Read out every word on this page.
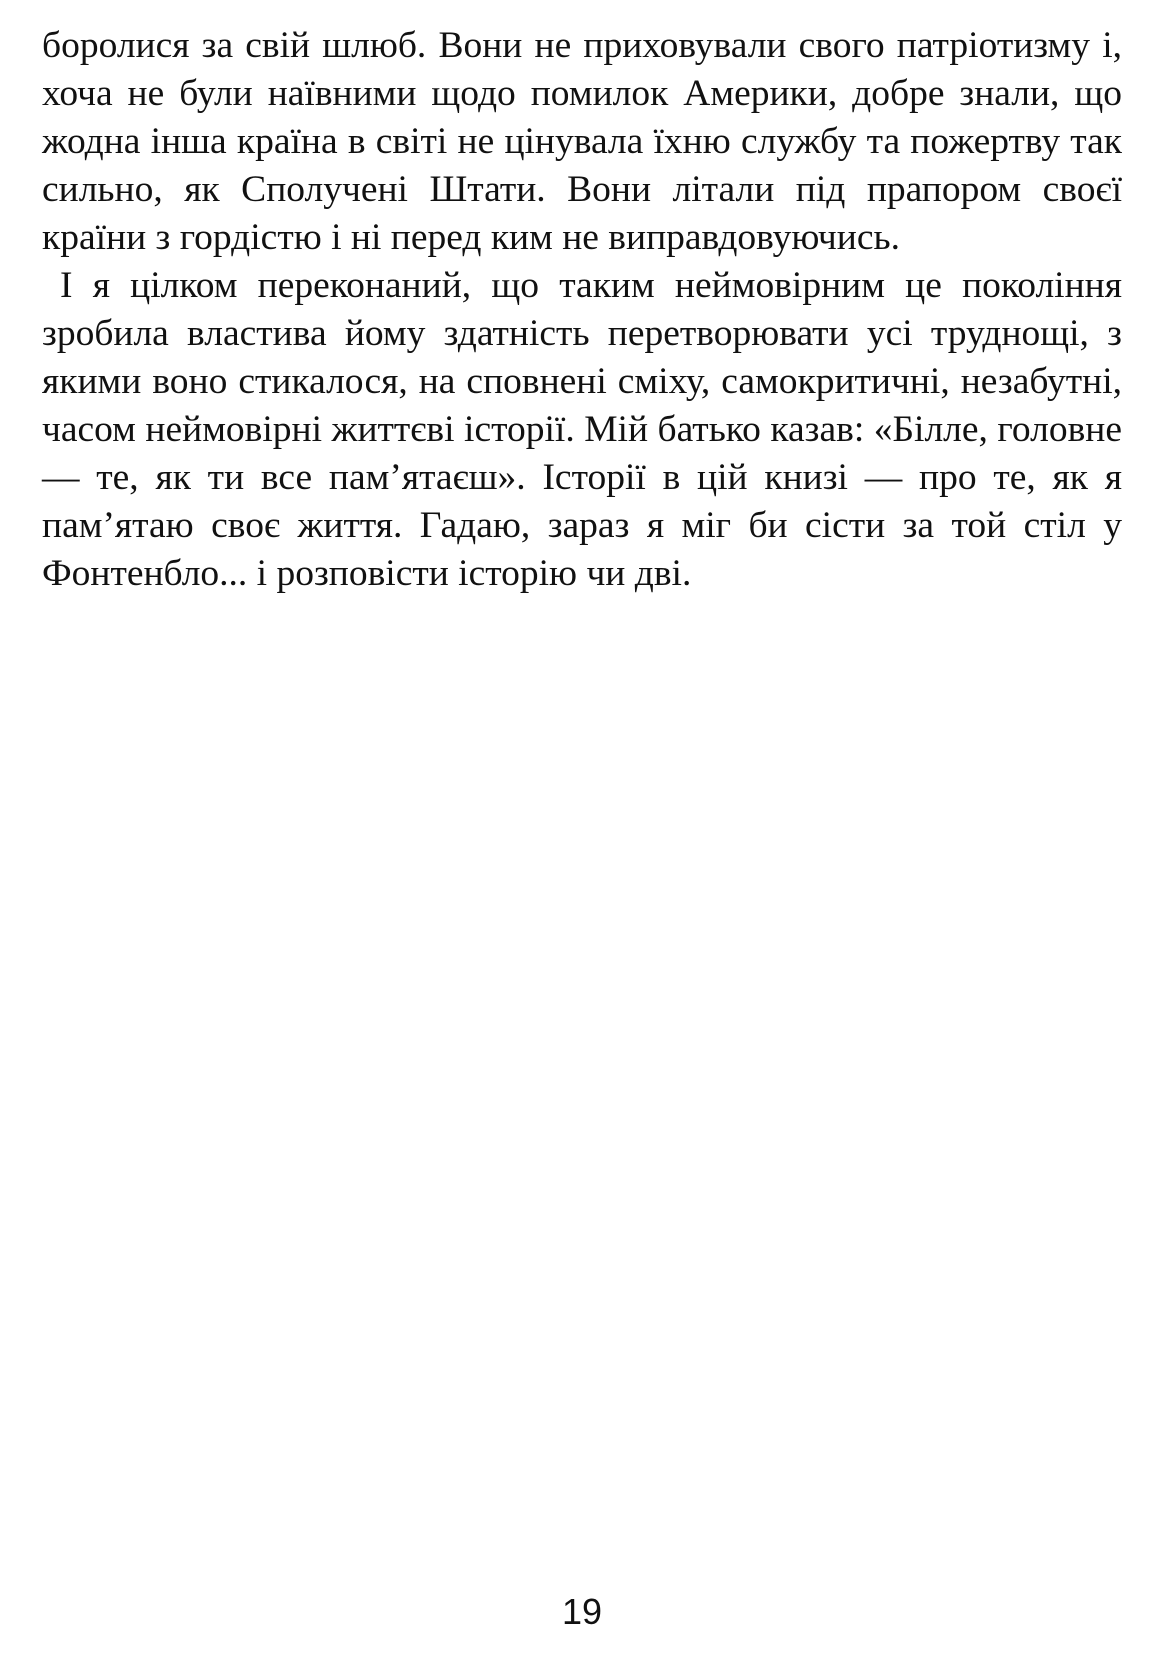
боролися за свій шлюб. Вони не приховували свого патріотизму і, хоча не були наївними щодо помилок Америки, добре знали, що жодна інша країна в світі не цінувала їхню службу та пожертву так сильно, як Сполучені Штати. Вони літали під прапором своєї країни з гордістю і ні перед ким не виправдовуючись.

І я цілком переконаний, що таким неймовірним це покоління зробила властива йому здатність перетворювати усі труднощі, з якими воно стикалося, на сповнені сміху, самокритичні, незабутні, часом неймовірні життєві історії. Мій батько казав: «Білле, головне — те, як ти все пам’ятаєш». Історії в цій книзі — про те, як я пам’ятаю своє життя. Гадаю, зараз я міг би сісти за той стіл у Фонтенбло... і розповісти історію чи дві.

19
